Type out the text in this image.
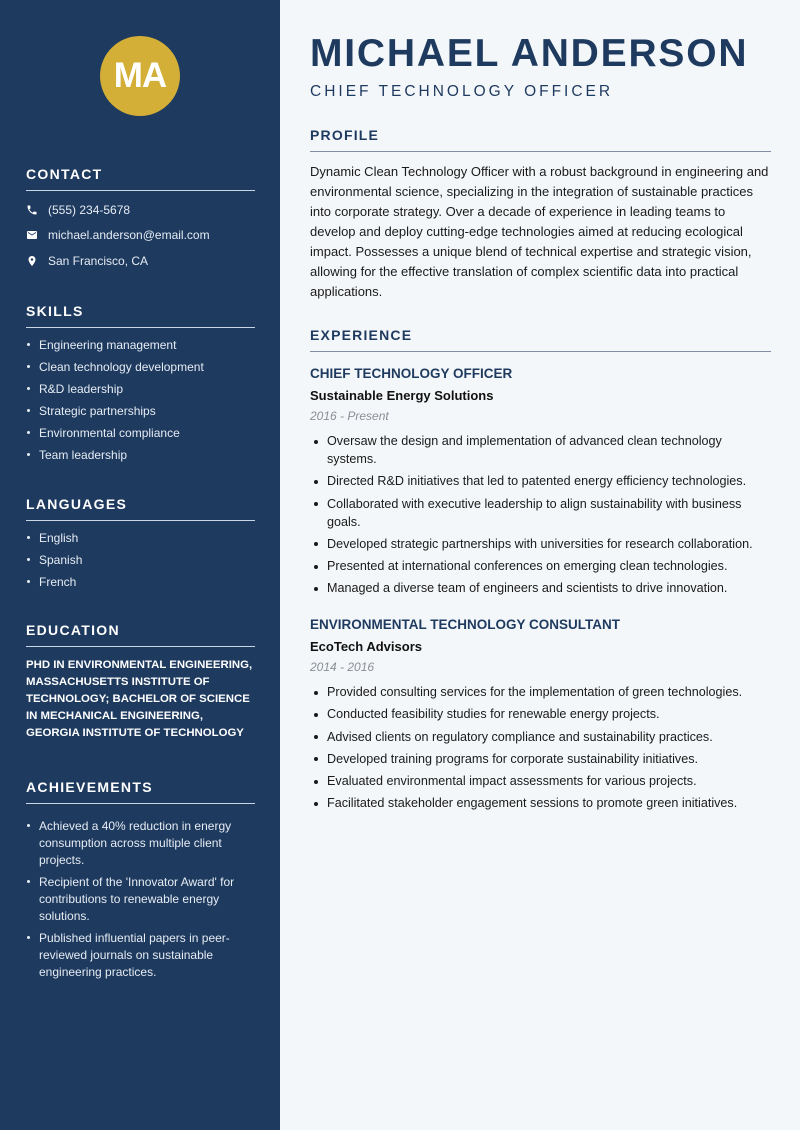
MA
CONTACT
(555) 234-5678
michael.anderson@email.com
San Francisco, CA
SKILLS
Engineering management
Clean technology development
R&D leadership
Strategic partnerships
Environmental compliance
Team leadership
LANGUAGES
English
Spanish
French
EDUCATION

PHD IN ENVIRONMENTAL ENGINEERING, MASSACHUSETTS INSTITUTE OF TECHNOLOGY; BACHELOR OF SCIENCE IN MECHANICAL ENGINEERING, GEORGIA INSTITUTE OF TECHNOLOGY

ACHIEVEMENTS
Achieved a 40% reduction in energy consumption across multiple client projects.
Recipient of the 'Innovator Award' for contributions to renewable energy solutions.
Published influential papers in peer-reviewed journals on sustainable engineering practices.
MICHAEL ANDERSON
CHIEF TECHNOLOGY OFFICER
PROFILE

Dynamic Clean Technology Officer with a robust background in engineering and environmental science, specializing in the integration of sustainable practices into corporate strategy. Over a decade of experience in leading teams to develop and deploy cutting-edge technologies aimed at reducing ecological impact. Possesses a unique blend of technical expertise and strategic vision, allowing for the effective translation of complex scientific data into practical applications.

EXPERIENCE
CHIEF TECHNOLOGY OFFICER
Sustainable Energy Solutions
2016 - Present
Oversaw the design and implementation of advanced clean technology systems.
Directed R&D initiatives that led to patented energy efficiency technologies.
Collaborated with executive leadership to align sustainability with business goals.
Developed strategic partnerships with universities for research collaboration.
Presented at international conferences on emerging clean technologies.
Managed a diverse team of engineers and scientists to drive innovation.
ENVIRONMENTAL TECHNOLOGY CONSULTANT
EcoTech Advisors
2014 - 2016
Provided consulting services for the implementation of green technologies.
Conducted feasibility studies for renewable energy projects.
Advised clients on regulatory compliance and sustainability practices.
Developed training programs for corporate sustainability initiatives.
Evaluated environmental impact assessments for various projects.
Facilitated stakeholder engagement sessions to promote green initiatives.
